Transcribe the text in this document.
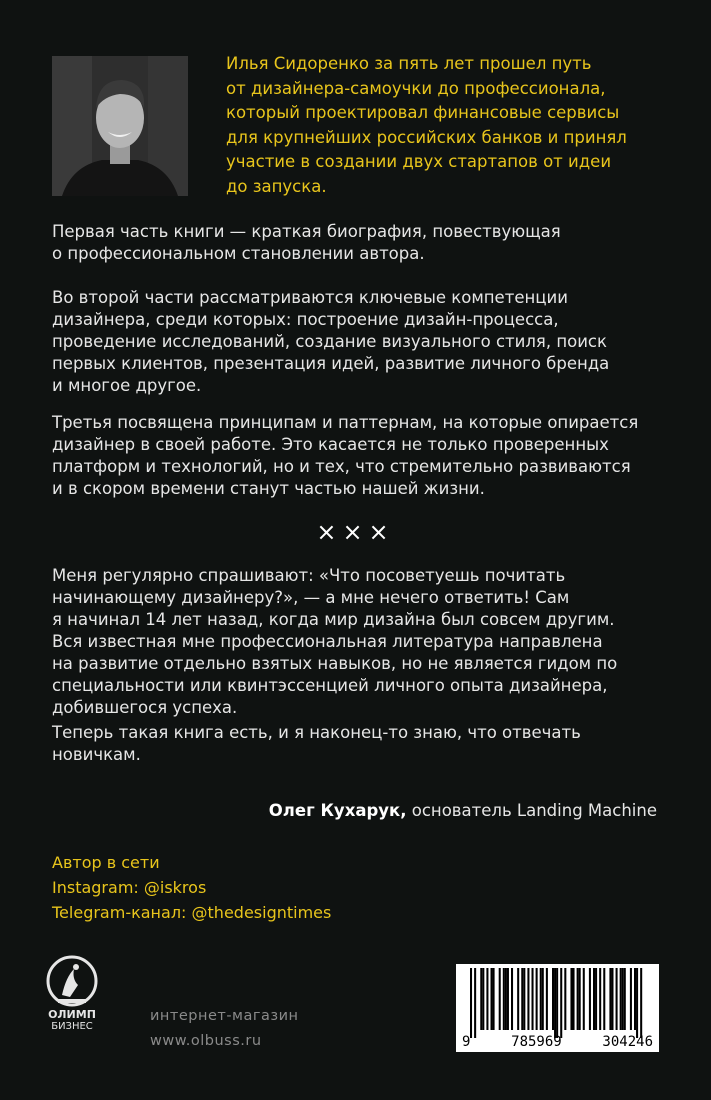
Илья Сидоренко за пять лет прошел путь
от дизайнера-самоучки до профессионала,
который проектировал финансовые сервисы
для крупнейших российских банков и принял
участие в создании двух стартапов от идеи
до запуска.
Первая часть книги — краткая биография, повествующая
о профессиональном становлении автора.
Во второй части рассматриваются ключевые компетенции
дизайнера, среди которых: построение дизайн-процесса,
проведение исследований, создание визуального стиля, поиск
первых клиентов, презентация идей, развитие личного бренда
и многое другое.
Третья посвящена принципам и паттернам, на которые опирается
дизайнер в своей работе. Это касается не только проверенных
платформ и технологий, но и тех, что стремительно развиваются
и в скором времени станут частью нашей жизни.
×××
Меня регулярно спрашивают: «Что посоветуешь почитать
начинающему дизайнеру?», — а мне нечего ответить! Сам
я начинал 14 лет назад, когда мир дизайна был совсем другим.
Вся известная мне профессиональная литература направлена
на развитие отдельно взятых навыков, но не является гидом по
специальности или квинтэссенцией личного опыта дизайнера,
добившегося успеха.
Теперь такая книга есть, и я наконец-то знаю, что отвечать
новичкам.
Олег Кухарук, основатель Landing Machine
Автор в сети
Instagram: @iskros
Telegram-канал: @thedesigntimes
ОЛИМП
БИЗНЕС
интернет-магазин
www.olbuss.ru	9	785969	304246
